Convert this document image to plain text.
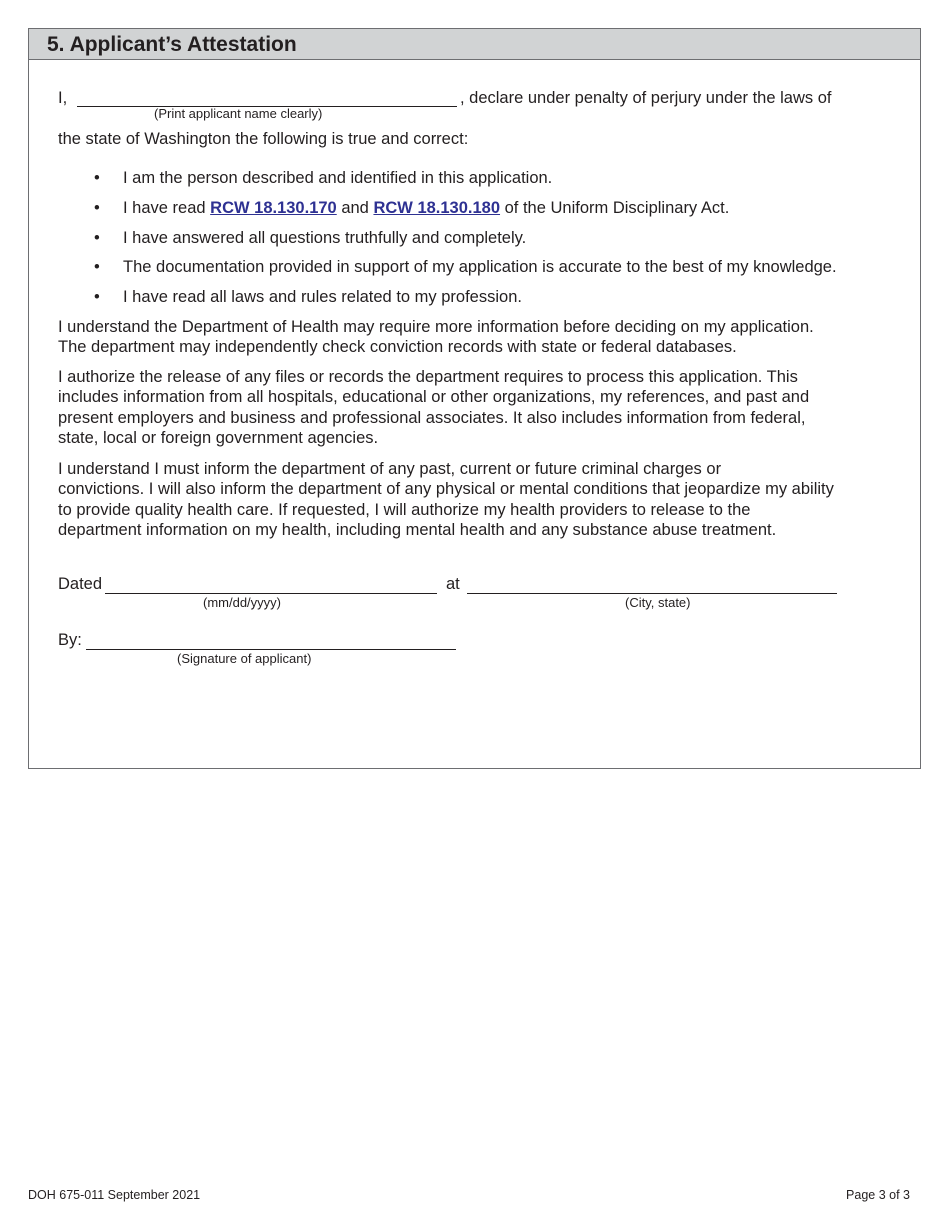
5. Applicant’s Attestation
I,	, declare under penalty of perjury under the laws of
(Print applicant name clearly)
the state of Washington the following is true and correct:
• I am the person described and identified in this application.
• I have read RCW 18.130.170 and RCW 18.130.180 of the Uniform Disciplinary Act.
• I have answered all questions truthfully and completely.
• The documentation provided in support of my application is accurate to the best of my knowledge.
• I have read all laws and rules related to my profession.
I understand the Department of Health may require more information before deciding on my application.
The department may independently check conviction records with state or federal databases.
I authorize the release of any files or records the department requires to process this application. This
includes information from all hospitals, educational or other organizations, my references, and past and
present employers and business and professional associates. It also includes information from federal,
state, local or foreign government agencies.
I understand I must inform the department of any past, current or future criminal charges or
convictions. I will also inform the department of any physical or mental conditions that jeopardize my ability
to provide quality health care. If requested, I will authorize my health providers to release to the
department information on my health, including mental health and any substance abuse treatment.
Dated
(mm/dd/yyyy)
at
(City, state)
By:
(Signature of applicant)
DOH 675-011 September 2021	Page 3 of 3
